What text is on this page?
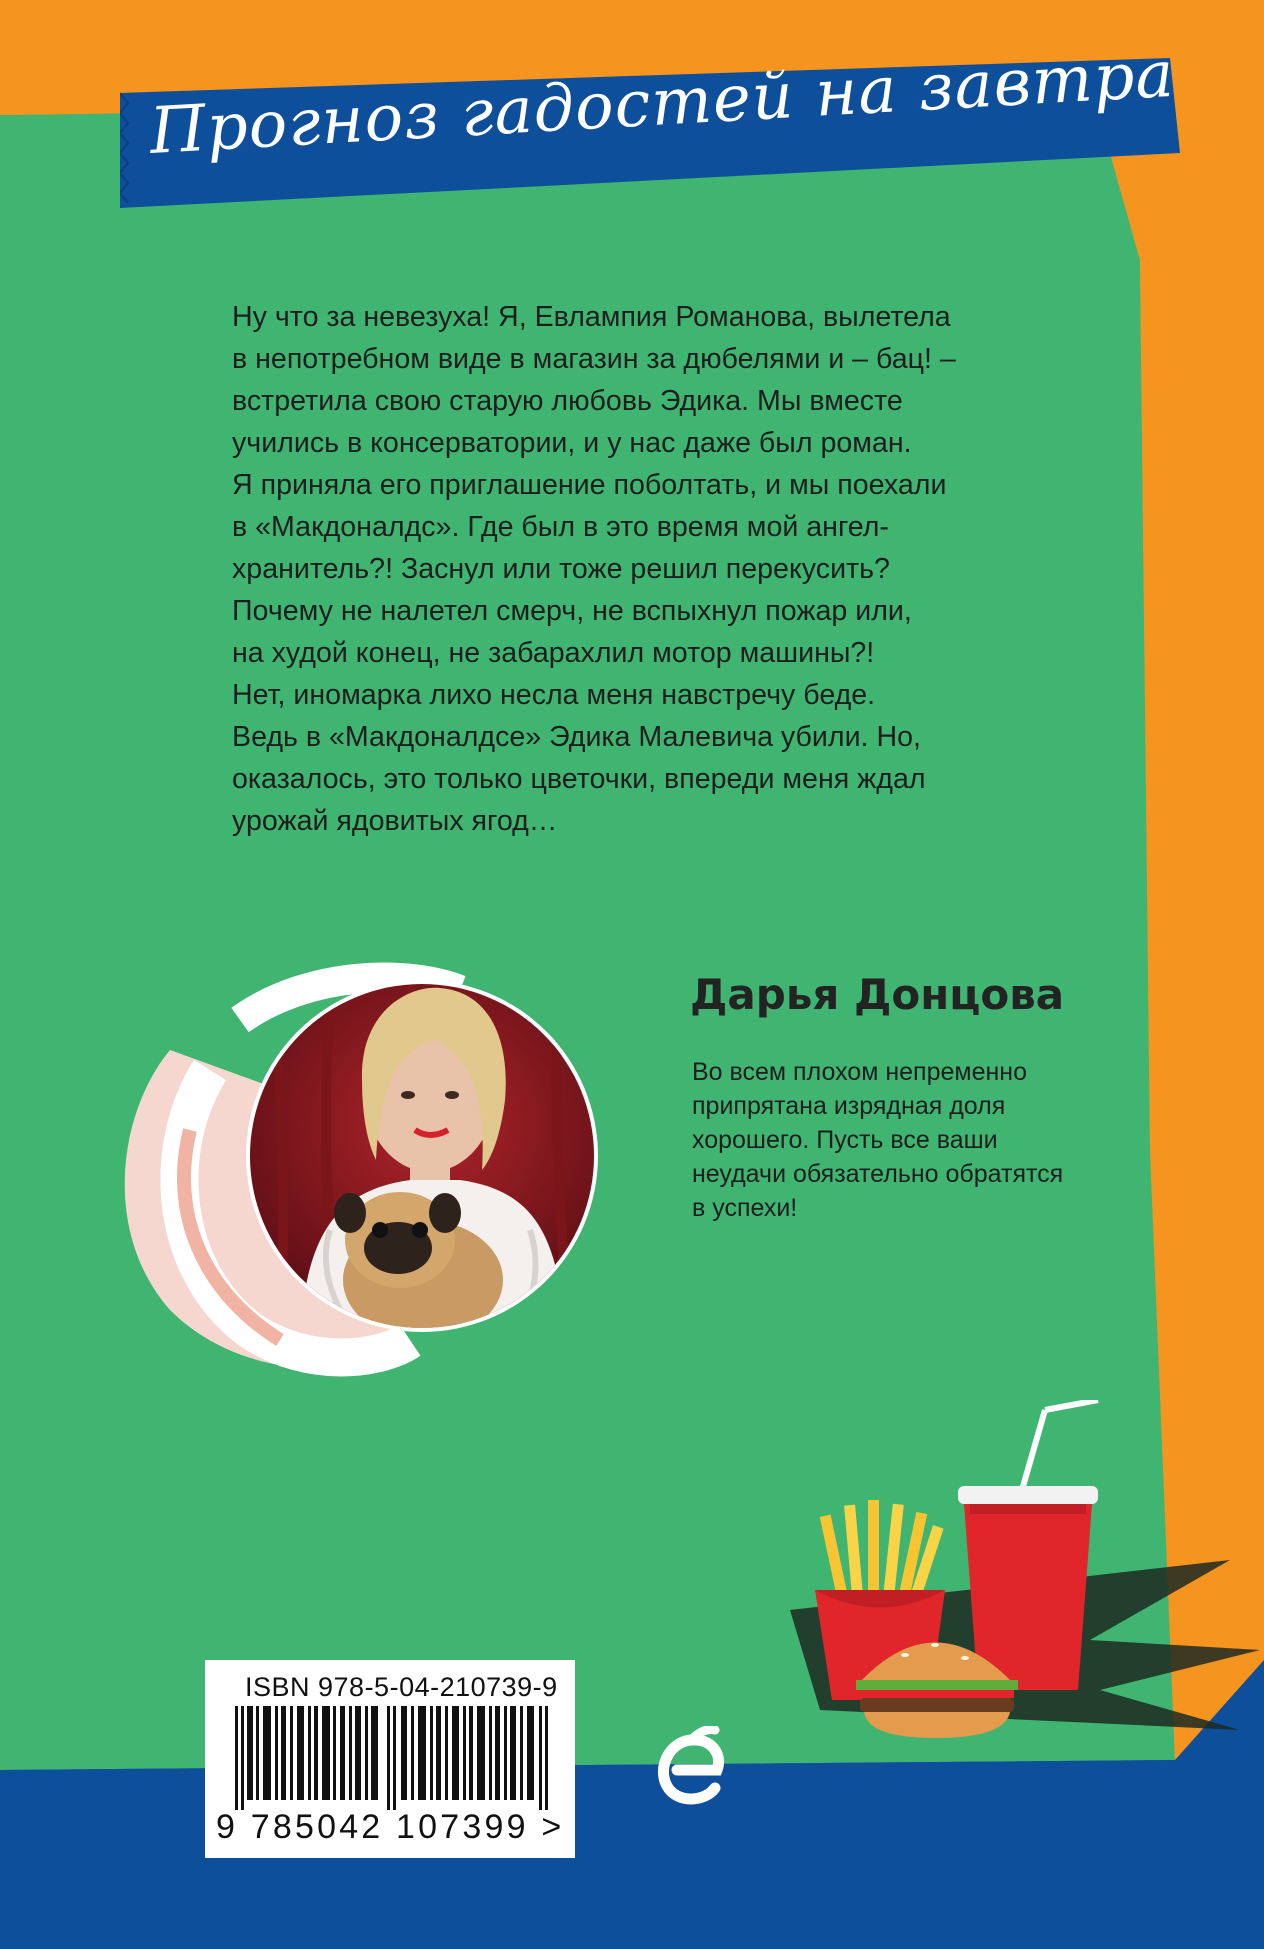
Прогноз гадостей на завтра

Ну что за невезуха! Я, Евлампия Романова, вылетела

в непотребном виде в магазин за дюбелями и – бац! –

встретила свою старую любовь Эдика. Мы вместе

учились в консерватории, и у нас даже был роман.

Я приняла его приглашение поболтать, и мы поехали

в «Макдоналдс». Где был в это время мой ангел-

хранитель?! Заснул или тоже решил перекусить?

Почему не налетел смерч, не вспыхнул пожар или,

на худой конец, не забарахлил мотор машины?!

Нет, иномарка лихо несла меня навстречу беде.

Ведь в «Макдоналдсе» Эдика Малевича убили. Но,

оказалось, это только цветочки, впереди меня ждал

урожай ядовитых ягод…

Дарья Донцова
Во всем плохом непременно
припрятана изрядная доля
хорошего. Пусть все ваши
неудачи обязательно обратятся
в успехи!
ISBN 978-5-04-210739-9
9 785042 107399 >
